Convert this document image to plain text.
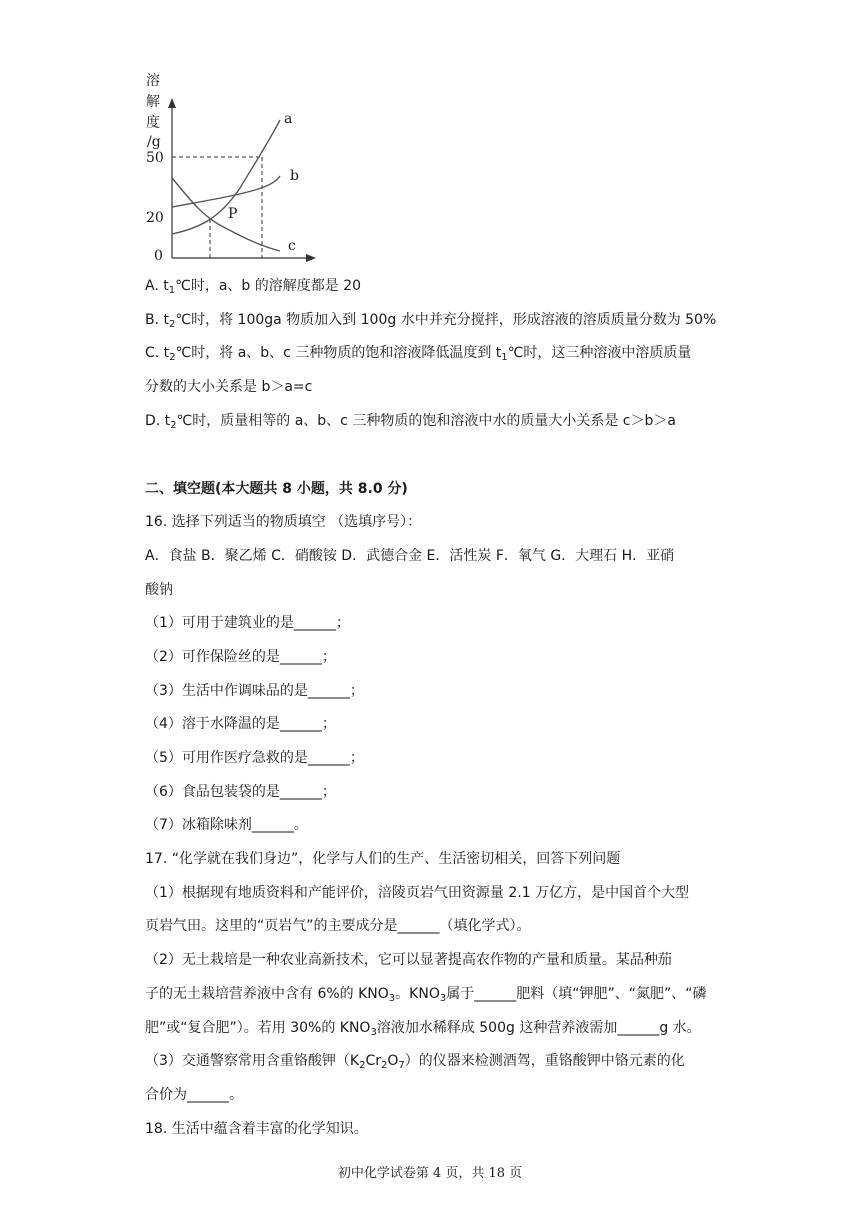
溶
解
度
/g
50
20
0
a
b
c
P
A. $t_1℃$时，a、b 的溶解度都是 20
B. $t_2℃$时，将 100ga 物质加入到 100g 水中并充分搅拌，形成溶液的溶质质量分数为 50%
C. $t_2℃$时，将 a、b、c 三种物质的饱和溶液降低温度到 $t_1℃$时，这三种溶液中溶质质量
分数的大小关系是 b＞a=c
D. $t_2℃$时，质量相等的 a、b、c 三种物质的饱和溶液中水的质量大小关系是 c＞b＞a
二、填空题(本大题共 8 小题，共 8.0 分)
16. 选择下列适当的物质填空 （选填序号）：
A．食盐 B．聚乙烯 C．硝酸铵 D．武德合金 E．活性炭 F．氧气 G．大理石 H．亚硝
酸钠
（1）可用于建筑业的是______；
（2）可作保险丝的是______；
（3）生活中作调味品的是______；
（4）溶于水降温的是______；
（5）可用作医疗急救的是______；
（6）食品包装袋的是______；
（7）冰箱除味剂______。
17. “化学就在我们身边”，化学与人们的生产、生活密切相关，回答下列问题
（1）根据现有地质资料和产能评价，涪陵页岩气田资源量 2.1 万亿方，是中国首个大型
页岩气田。这里的“页岩气”的主要成分是______（填化学式）。
（2）无土栽培是一种农业高新技术，它可以显著提高农作物的产量和质量。某品种茄
子的无土栽培营养液中含有 6%的 $KNO_3$。$KNO_3$属于______肥料（填“钾肥”、“氮肥”、“磷
肥”或“复合肥”）。若用 30%的 $KNO_3$溶液加水稀释成 500g 这种营养液需加______g 水。
（3）交通警察常用含重铬酸钾$(K_2Cr_2O_7)$的仪器来检测酒驾，重铬酸钾中铬元素的化
合价为______。
18. 生活中蕴含着丰富的化学知识。
初中化学试卷第 4 页，共 18 页
